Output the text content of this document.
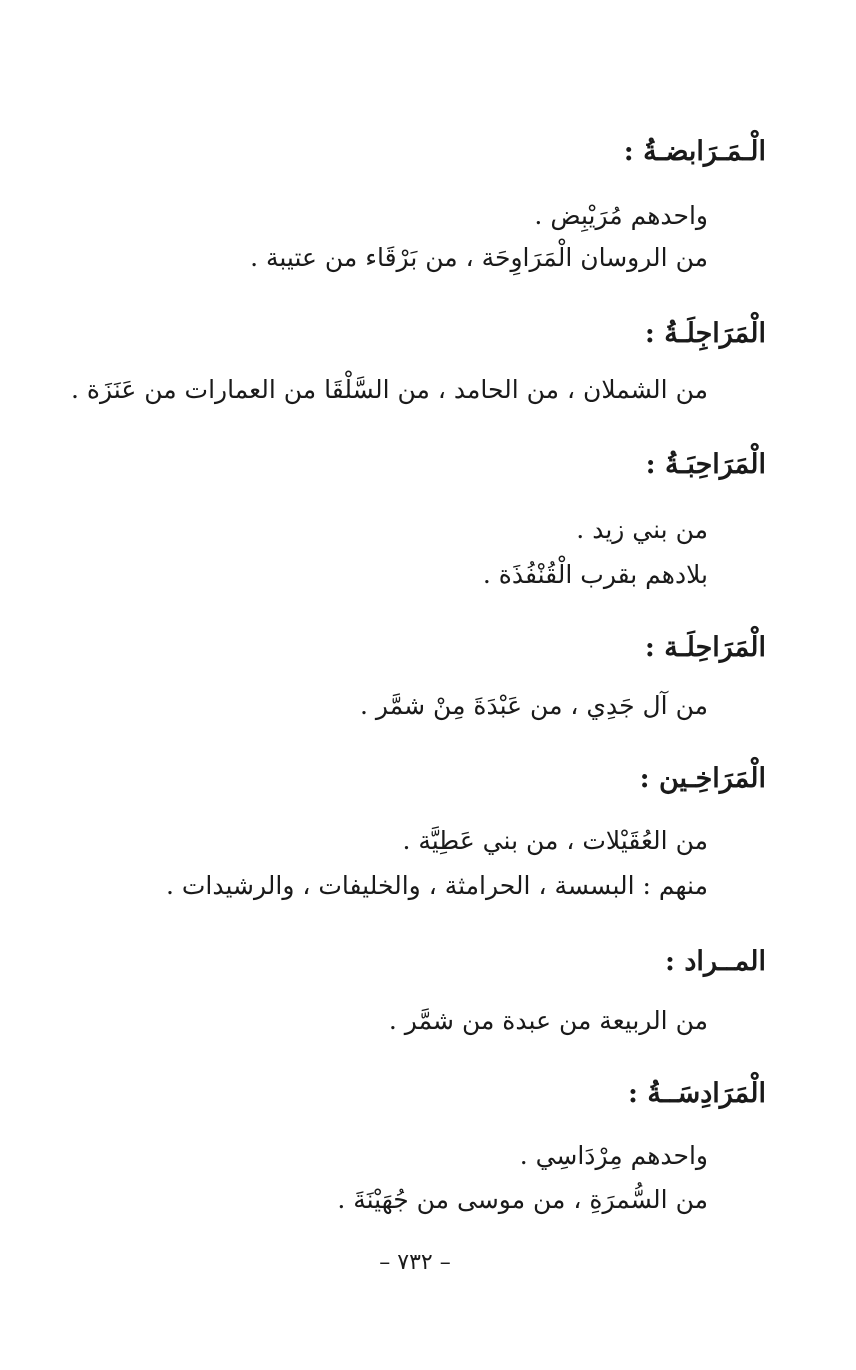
الْـمَـرَابضـةُ :
واحدهم مُرَيْبِض .
من الروسان الْمَرَاوِحَة ، من بَرْقَاء من عتيبة .
الْمَرَاجِلَـةُ :
من الشملان ، من الحامد ، من السَّلْقَا من العمارات من عَنَزَة .
الْمَرَاحِبَـةُ :
من بني زيد .
بلادهم بقرب الْقُنْفُذَة .
الْمَرَاحِلَـة :
من آل جَدِي ، من عَبْدَةَ مِنْ شمَّر .
الْمَرَاخِـين :
من العُقَيْلات ، من بني عَطِيَّة .
منهم : البسسة ، الحرامثة ، والخليفات ، والرشيدات .
المــراد :
من الربيعة من عبدة من شمَّر .
الْمَرَادِسَــةُ :
واحدهم مِرْدَاسِي .
من السُّمرَةِ ، من موسى من جُهَيْنَةَ .
– ٧٣٢ –
